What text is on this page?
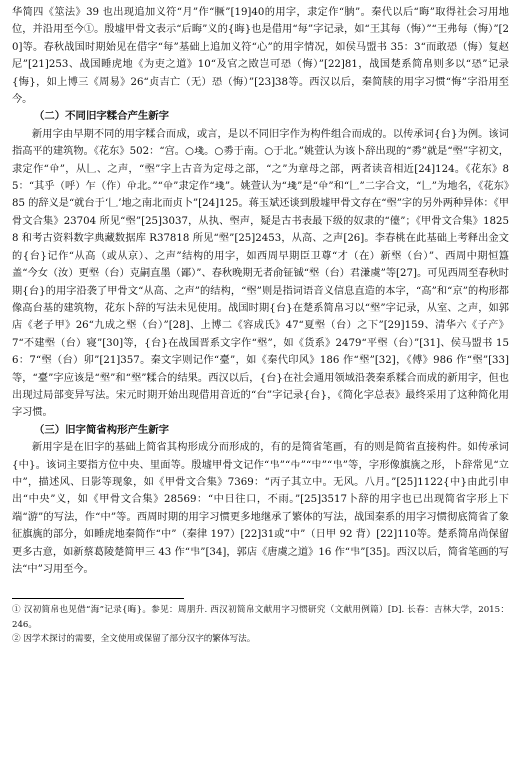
华简四《筮法》39 也出现追加义符“月”作“𦠑”[19]40的用字，隶定作“朒”。秦代以后“晦”取得社会习用地位，并沿用至今①。殷墟甲骨文表示“后晦”义的{晦}也是借用“每”字记录，如“王其每（悔）”“王弗每（悔）”[20]等。春秋战国时期始见在借字“每”基础上追加义符“心”的用字情况，如侯马盟书 35：3“而敢𢙷（悔）复赵尼”[21]253、战国睡虎地《为吏之道》10“及官之敃岂可𢙷（悔）”[22]81，战国楚系简帛则多以“𢙷”记录{悔}，如上博三《周易》26“贞吉亡（无）𢙷（悔）”[23]38等。西汉以后，秦简牍的用字习惯“悔”字沿用至今。

（二）不同旧字糅合产生新字

新用字由早期不同的用字糅合而成，或言，是以不同旧字作为构件组合而成的。以传承词{台}为例。该词指高平的建筑物。《花东》502：“宫。○𡍌。○𠢏于南。○于北。”姚萱认为该卜辞出现的“𠢏”就是“𡎺”字初文，隶定作“𠔈”，从𠃊、之声，“𡎺”字上古音为定母之部，“之”为章母之部，两者读音相近[24]124。《花东》85：“其乎（呼）乍（作）𠔈北。”“𠔈”隶定作“𡍌”。姚萱认为“𡍌”是“𠔈”和“𠃊”二字合文，“𠃊”为地名，《花东》85 的辞义是“就台于‘𠃊’地之南北而贞卜”[24]125。蒋玉斌还谈到殷墟甲骨文存在“𡎺”字的另外两种异体：《甲骨文合集》23704 所见“𡎺”[25]3037，从执、𡎺声，疑是古书表最下级的奴隶的“儓”；《甲骨文合集》18258 和考古资料数字典藏数据库 R37818 所见“𡎺”[25]2453，从高、之声[26]。李春桃在此基础上考释出金文的{台}记作“从高（或从京）、之声”结构的用字，如西周早期臣卫尊“才（在）新𡎺（台）”、西周中期恒簋盖“今女（汝）更𡎺（台）克嗣直墨（鄙）”、春秋晚期无者俞钲铖“𡎺（台）君溓虞”等[27]。可见西周至春秋时期{台}的用字沿袭了甲骨文“从高、之声”的结构，“𡎺”则是指词语音义信息直造的本字，“高”和“京”的构形都像高台基的建筑物，花东卜辞的写法未见使用。战国时期{台}在楚系简帛习以“𡎺”字记录，从室、之声，如郭店《老子甲》26“九成之𡎺（台）”[28]、上博二《容成氏》47“夏𡎺（台）之下”[29]159、清华六《子产》7“不建𡎺（台）寝”[30]等，{台}在战国晋系文字作“𡎺”，如《货系》2479“平𡎺（台）”[31]、侯马盟书 156：7“𡎺（台）卯”[21]357。秦文字则记作“臺”，如《秦代印风》186 作“𡎺”[32]，《傅》986 作“𡎺”[33]等，“臺”字应该是“𡎺”和“𡎺”糅合的结果。西汉以后，{台}在社会通用领域沿袭秦系糅合而成的新用字，但也出现过局部变异写法。宋元时期开始出现借用音近的“台”字记录{台}，《简化字总表》最终采用了这种简化用字习惯。

（三）旧字简省构形产生新字

新用字是在旧字的基础上简省其构形成分而形成的，有的是简省笔画，有的则是简省直接构件。如传承词{中}。该词主要指方位中央、里面等。殷墟甲骨文记作“𠁧”“𠁩”“𠁦”“𠁧”等，字形像旗旐之形，卜辞常见“立中”，描述风、日影等现象，如《甲骨文合集》7369：“丙子其立中。无风。八月。”[25]1122{中}由此引申出“中央”义，如《甲骨文合集》28569：“中日往口，不雨。”[25]3517卜辞的用字也已出现简省字形上下端“游”的写法，作“中”等。西周时期的用字习惯更多地继承了繁体的写法，战国秦系的用字习惯彻底简省了象征旗旐的部分，如睡虎地秦简作“中”（秦律 197）[22]31或“中”（日甲 92 背）[22]110等。楚系简帛尚保留更多古意，如新蔡葛陵楚简甲三 43 作“𠁧”[34]，郭店《唐虞之道》16 作“𠁧”[35]。西汉以后，简省笔画的写法“中”习用至今。

① 汉初简帛也见借“海”记录{晦}。参见：周朋升. 西汉初简帛文献用字习惯研究（文献用例篇）[D]. 长春：吉林大学，2015：246。

② 因学术探讨的需要，全文使用或保留了部分汉字的繁体写法。
